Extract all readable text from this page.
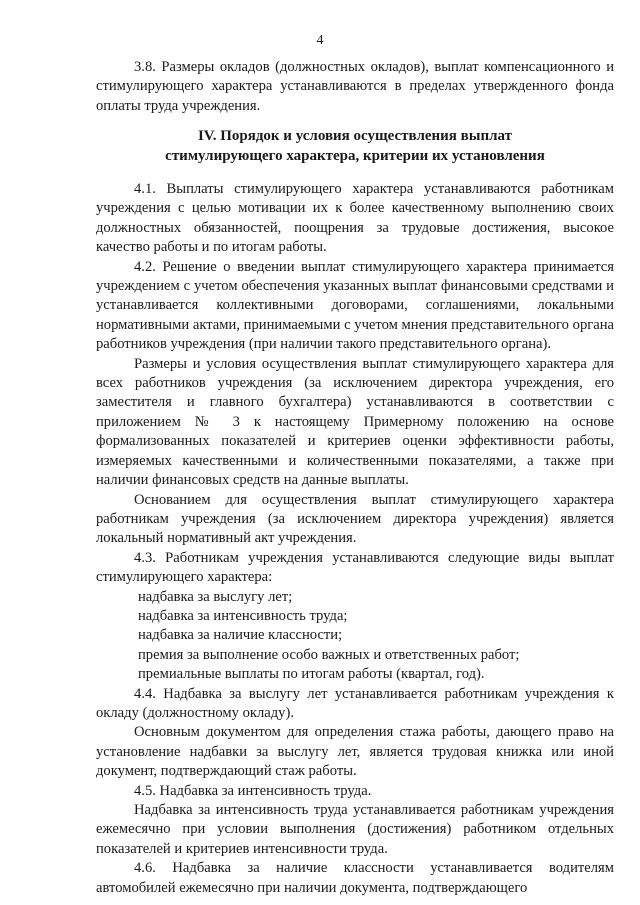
4

3.8. Размеры окладов (должностных окладов), выплат компенсационного и стимулирующего характера устанавливаются в пределах утвержденного фонда оплаты труда учреждения.

IV. Порядок и условия осуществления выплат
стимулирующего характера, критерии их установления

4.1. Выплаты стимулирующего характера устанавливаются работникам учреждения с целью мотивации их к более качественному выполнению своих должностных обязанностей, поощрения за трудовые достижения, высокое качество работы и по итогам работы.

4.2. Решение о введении выплат стимулирующего характера принимается учреждением с учетом обеспечения указанных выплат финансовыми средствами и устанавливается коллективными договорами, соглашениями, локальными нормативными актами, принимаемыми с учетом мнения представительного органа работников учреждения (при наличии такого представительного органа).

Размеры и условия осуществления выплат стимулирующего характера для всех работников учреждения (за исключением директора учреждения, его заместителя и главного бухгалтера) устанавливаются в соответствии с приложением № 3 к настоящему Примерному положению на основе формализованных показателей и критериев оценки эффективности работы, измеряемых качественными и количественными показателями, а также при наличии финансовых средств на данные выплаты.

Основанием для осуществления выплат стимулирующего характера работникам учреждения (за исключением директора учреждения) является локальный нормативный акт учреждения.

4.3. Работникам учреждения устанавливаются следующие виды выплат стимулирующего характера:

надбавка за выслугу лет;

надбавка за интенсивность труда;

надбавка за наличие классности;

премия за выполнение особо важных и ответственных работ;

премиальные выплаты по итогам работы (квартал, год).

4.4. Надбавка за выслугу лет устанавливается работникам учреждения к окладу (должностному окладу).

Основным документом для определения стажа работы, дающего право на установление надбавки за выслугу лет, является трудовая книжка или иной документ, подтверждающий стаж работы.

4.5. Надбавка за интенсивность труда.

Надбавка за интенсивность труда устанавливается работникам учреждения ежемесячно при условии выполнения (достижения) работником отдельных показателей и критериев интенсивности труда.

4.6. Надбавка за наличие классности устанавливается водителям автомобилей ежемесячно при наличии документа, подтверждающего
